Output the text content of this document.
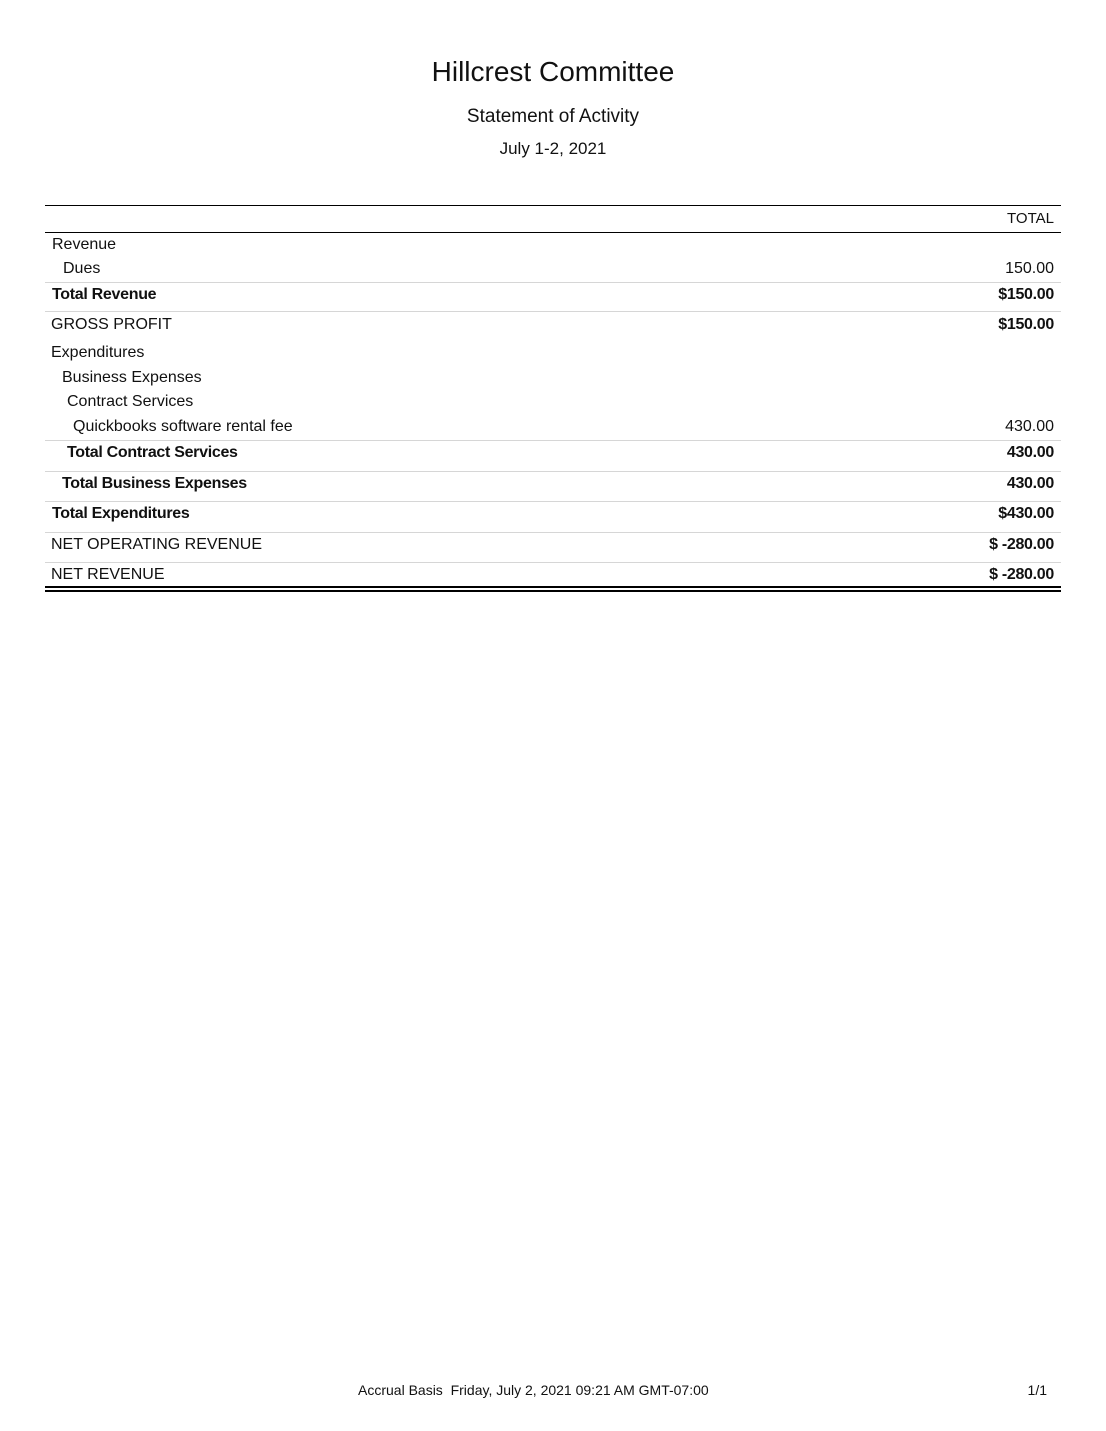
Hillcrest Committee
Statement of Activity
July 1-2, 2021
TOTAL
Revenue
Dues	150.00
Total Revenue	$150.00
GROSS PROFIT	$150.00
Expenditures
Business Expenses
Contract Services
Quickbooks software rental fee	430.00
Total Contract Services	430.00
Total Business Expenses	430.00
Total Expenditures	$430.00
NET OPERATING REVENUE	$ -280.00
NET REVENUE	$ -280.00
Accrual Basis  Friday, July 2, 2021 09:21 AM GMT-07:00	1/1
